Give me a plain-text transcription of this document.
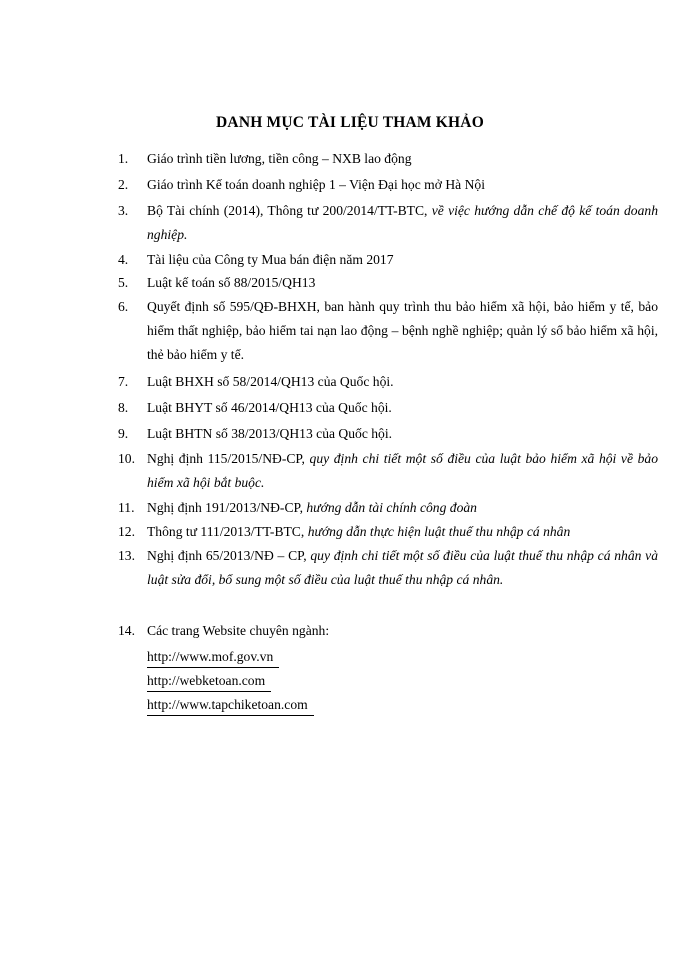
DANH MỤC TÀI LIỆU THAM KHẢO
1. Giáo trình tiền lương, tiền công – NXB lao động
2. Giáo trình Kế toán doanh nghiệp 1 – Viện Đại học mở Hà Nội
3. Bộ Tài chính (2014), Thông tư 200/2014/TT-BTC, về việc hướng dẫn chế độ kế toán doanh nghiệp.
4. Tài liệu của Công ty Mua bán điện năm 2017
5. Luật kế toán số 88/2015/QH13
6. Quyết định số 595/QĐ-BHXH, ban hành quy trình thu bảo hiểm xã hội, bảo hiểm y tế, bảo hiểm thất nghiệp, bảo hiểm tai nạn lao động – bệnh nghề nghiệp; quản lý sổ bảo hiểm xã hội, thẻ bảo hiểm y tế.
7. Luật BHXH số 58/2014/QH13 của Quốc hội.
8. Luật BHYT số 46/2014/QH13 của Quốc hội.
9. Luật BHTN số 38/2013/QH13 của Quốc hội.
10. Nghị định 115/2015/NĐ-CP, quy định chi tiết một số điều của luật bảo hiểm xã hội về bảo hiểm xã hội bắt buộc.
11. Nghị định 191/2013/NĐ-CP, hướng dẫn tài chính công đoàn
12. Thông tư 111/2013/TT-BTC, hướng dẫn thực hiện luật thuế thu nhập cá nhân
13. Nghị định 65/2013/NĐ – CP, quy định chi tiết một số điều của luật thuế thu nhập cá nhân và luật sửa đổi, bổ sung một số điều của luật thuế thu nhập cá nhân.
14. Các trang Website chuyên ngành:
http://www.mof.gov.vn
http://webketoan.com
http://www.tapchiketoan.com
